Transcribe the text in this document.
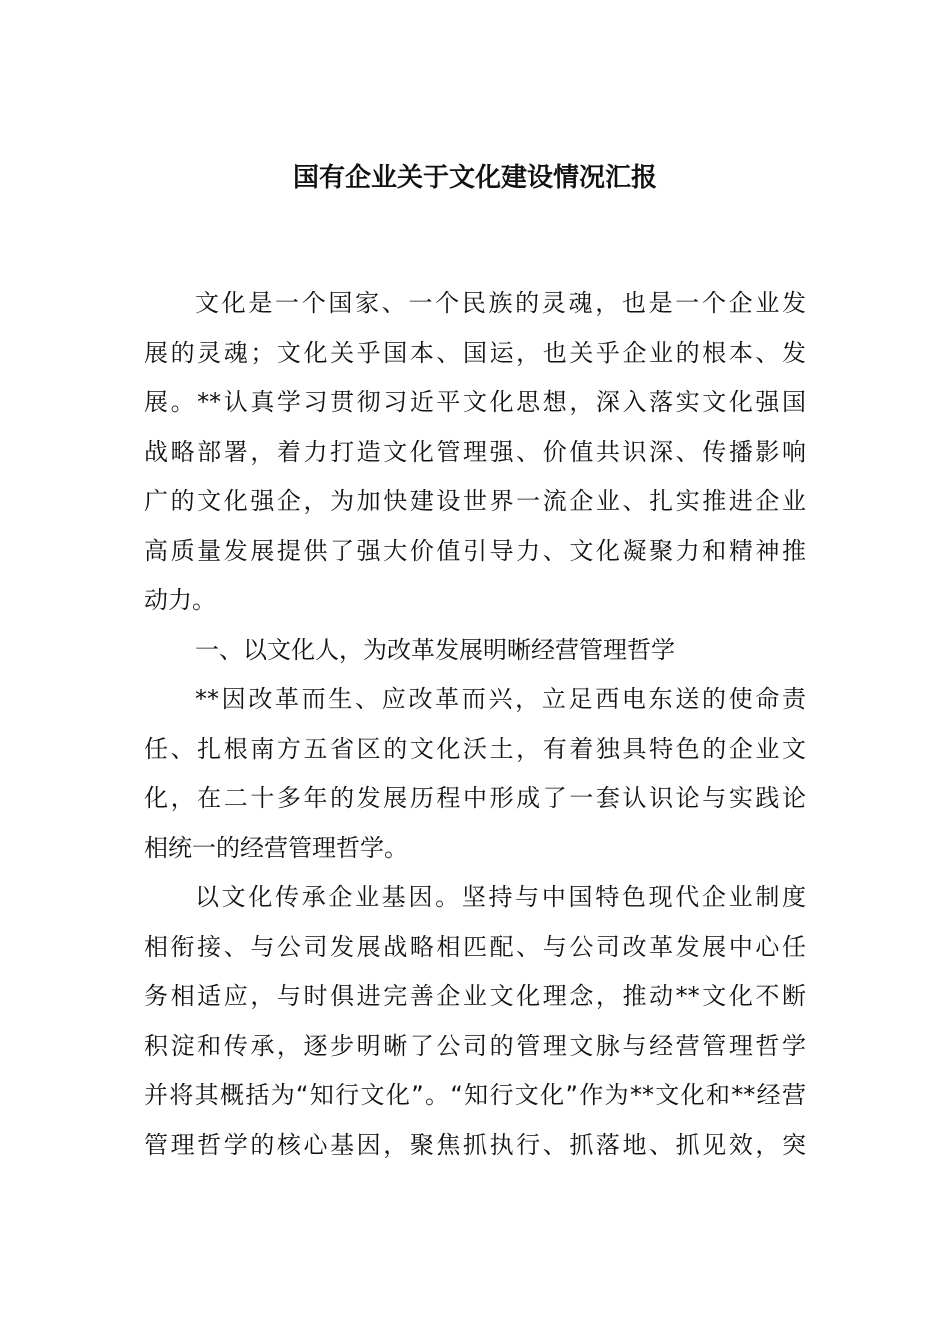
国有企业关于文化建设情况汇报

文化是一个国家、一个民族的灵魂，也是一个企业发
展的灵魂；文化关乎国本、国运，也关乎企业的根本、发
展。**认真学习贯彻习近平文化思想，深入落实文化强国
战略部署，着力打造文化管理强、价值共识深、传播影响
广的文化强企，为加快建设世界一流企业、扎实推进企业
高质量发展提供了强大价值引导力、文化凝聚力和精神推
动力。

一、以文化人，为改革发展明晰经营管理哲学

**因改革而生、应改革而兴，立足西电东送的使命责
任、扎根南方五省区的文化沃土，有着独具特色的企业文
化，在二十多年的发展历程中形成了一套认识论与实践论
相统一的经营管理哲学。

以文化传承企业基因。坚持与中国特色现代企业制度
相衔接、与公司发展战略相匹配、与公司改革发展中心任
务相适应，与时俱进完善企业文化理念，推动**文化不断
积淀和传承，逐步明晰了公司的管理文脉与经营管理哲学
并将其概括为“知行文化”。“知行文化”作为**文化和**经营
管理哲学的核心基因，聚焦抓执行、抓落地、抓见效，突
